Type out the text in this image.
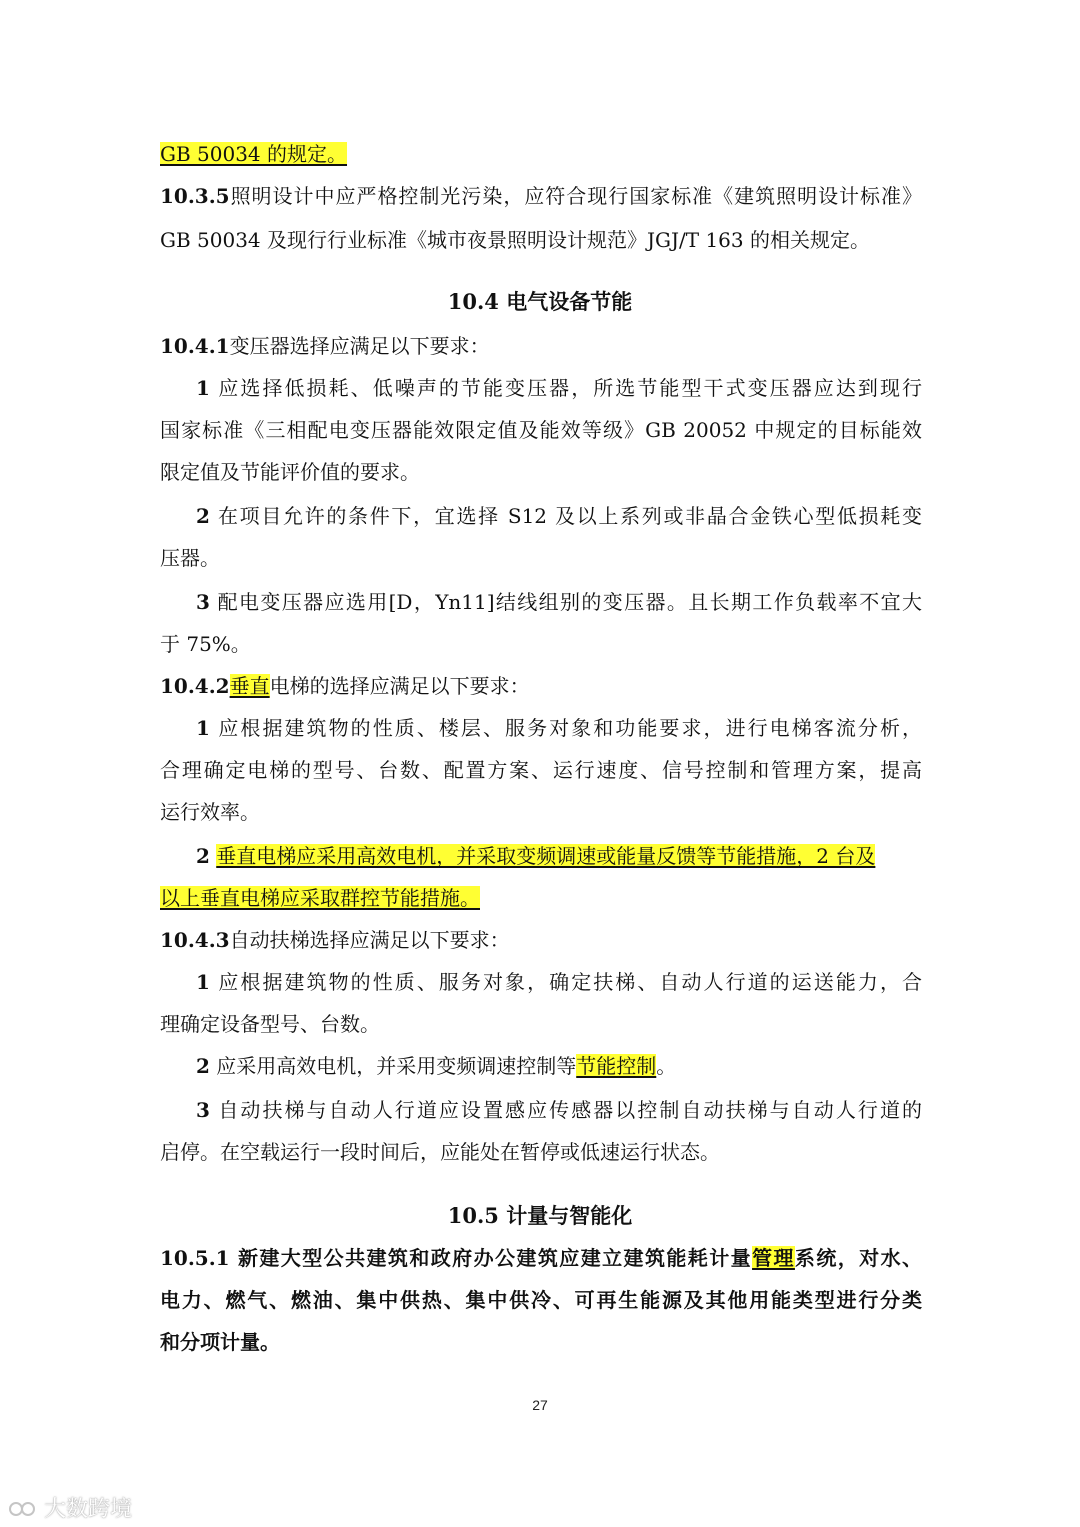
GB 50034 的规定。
10.3.5照明设计中应严格控制光污染，应符合现行国家标准《建筑照明设计标准》
GB 50034 及现行行业标准《城市夜景照明设计规范》JGJ/T 163 的相关规定。
10.4 电气设备节能
10.4.1变压器选择应满足以下要求：
1 应选择低损耗、低噪声的节能变压器，所选节能型干式变压器应达到现行
国家标准《三相配电变压器能效限定值及能效等级》GB 20052 中规定的目标能效
限定值及节能评价值的要求。
2 在项目允许的条件下，宜选择 S12 及以上系列或非晶合金铁心型低损耗变
压器。
3 配电变压器应选用[D，Yn11]结线组别的变压器。且长期工作负载率不宜大
于 75%。
10.4.2垂直电梯的选择应满足以下要求：
1 应根据建筑物的性质、楼层、服务对象和功能要求，进行电梯客流分析，
合理确定电梯的型号、台数、配置方案、运行速度、信号控制和管理方案，提高
运行效率。
2 垂直电梯应采用高效电机，并采取变频调速或能量反馈等节能措施，2 台及
以上垂直电梯应采取群控节能措施。
10.4.3自动扶梯选择应满足以下要求：
1 应根据建筑物的性质、服务对象，确定扶梯、自动人行道的运送能力，合
理确定设备型号、台数。
2 应采用高效电机，并采用变频调速控制等节能控制。
3 自动扶梯与自动人行道应设置感应传感器以控制自动扶梯与自动人行道的
启停。在空载运行一段时间后，应能处在暂停或低速运行状态。
10.5 计量与智能化
10.5.1 新建大型公共建筑和政府办公建筑应建立建筑能耗计量管理系统，对水、
电力、燃气、燃油、集中供热、集中供冷、可再生能源及其他用能类型进行分类
和分项计量。
27
大数跨境
